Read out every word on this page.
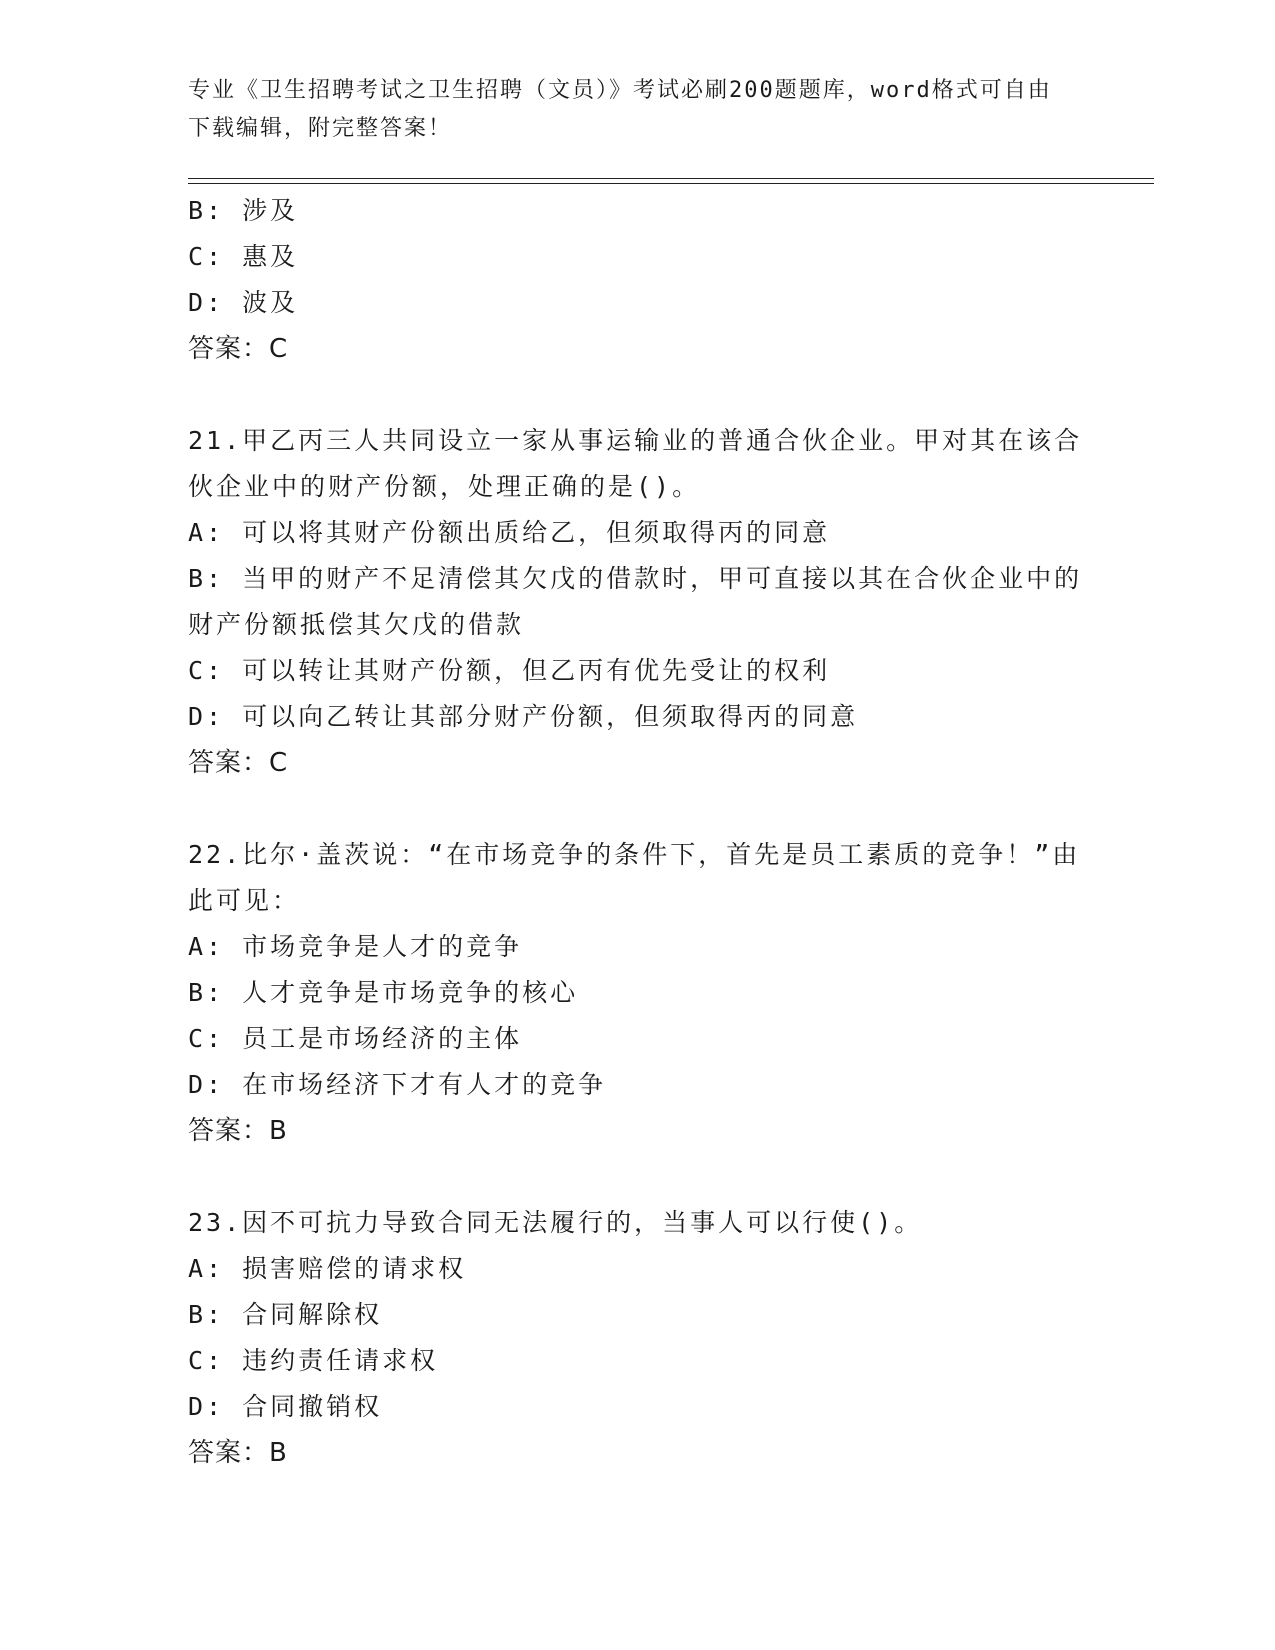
专业《卫生招聘考试之卫生招聘（文员）》考试必刷200题题库，word格式可自由下载编辑，附完整答案！
B: 涉及
C: 惠及
D: 波及
答案：C
21.甲乙丙三人共同设立一家从事运输业的普通合伙企业。甲对其在该合伙企业中的财产份额，处理正确的是()。
A: 可以将其财产份额出质给乙，但须取得丙的同意
B: 当甲的财产不足清偿其欠戊的借款时，甲可直接以其在合伙企业中的财产份额抵偿其欠戊的借款
C: 可以转让其财产份额，但乙丙有优先受让的权利
D: 可以向乙转让其部分财产份额，但须取得丙的同意
答案：C
22.比尔·盖茨说：“在市场竞争的条件下，首先是员工素质的竞争！”由此可见：
A: 市场竞争是人才的竞争
B: 人才竞争是市场竞争的核心
C: 员工是市场经济的主体
D: 在市场经济下才有人才的竞争
答案：B
23.因不可抗力导致合同无法履行的，当事人可以行使()。
A: 损害赔偿的请求权
B: 合同解除权
C: 违约责任请求权
D: 合同撤销权
答案：B
